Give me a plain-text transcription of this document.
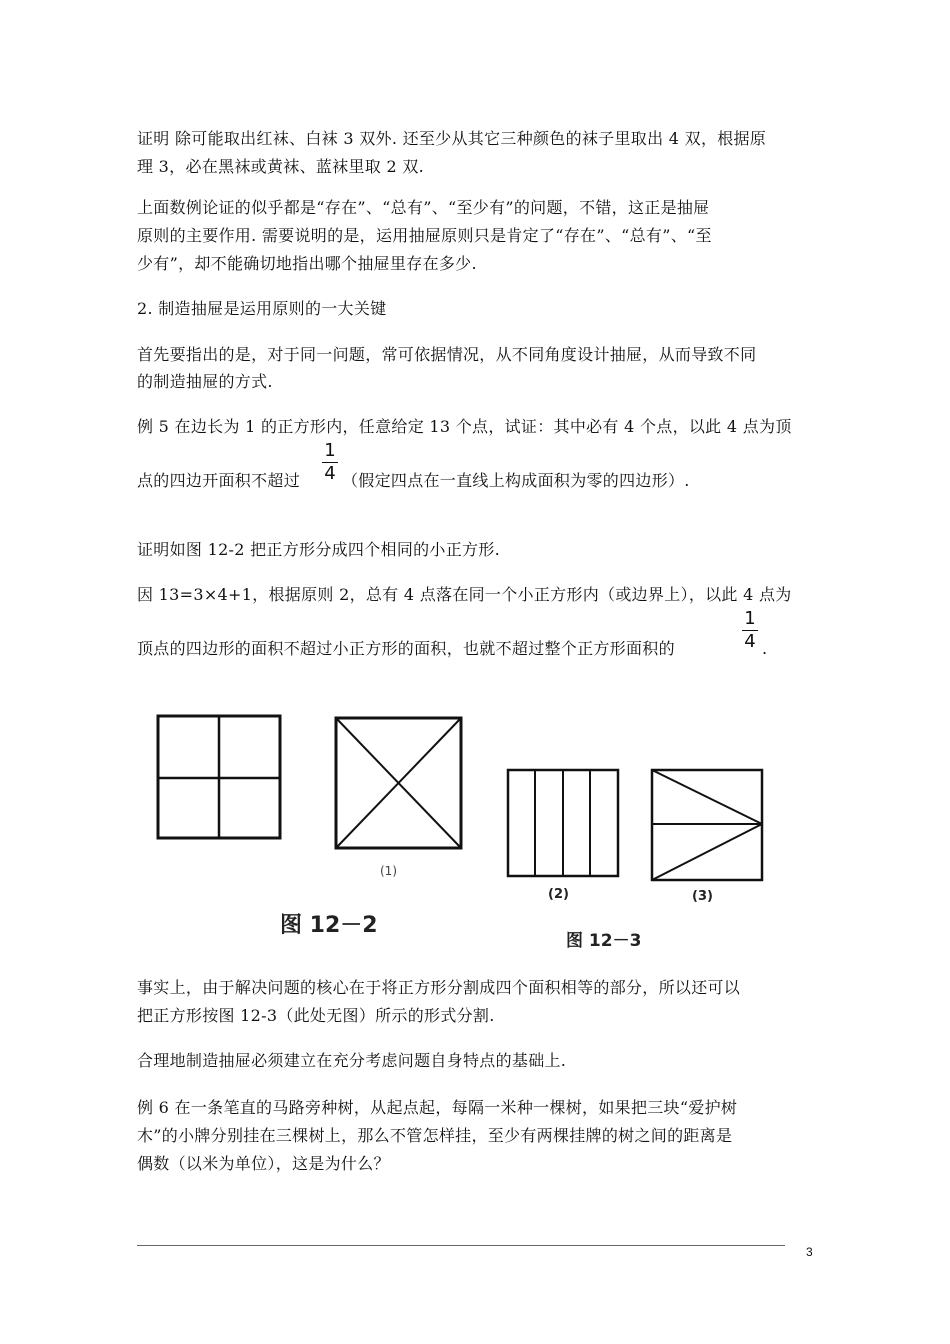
证明 除可能取出红袜、白袜 3 双外. 还至少从其它三种颜色的袜子里取出 4 双，根据原
理 3，必在黑袜或黄袜、蓝袜里取 2 双.
上面数例论证的似乎都是“存在”、“总有”、“至少有”的问题，不错，这正是抽屉
原则的主要作用. 需要说明的是，运用抽屉原则只是肯定了“存在”、“总有”、“至
少有”，却不能确切地指出哪个抽屉里存在多少.
2. 制造抽屉是运用原则的一大关键
首先要指出的是，对于同一问题，常可依据情况，从不同角度设计抽屉，从而导致不同
的制造抽屉的方式.
例 5 在边长为 1 的正方形内，任意给定 13 个点，试证：其中必有 4 个点，以此 4 点为顶
点的四边开面积不超过
1
4 （假定四点在一直线上构成面积为零的四边形）.
证明如图 12-2 把正方形分成四个相同的小正方形.
因 13=3×4+1，根据原则 2，总有 4 点落在同一个小正方形内（或边界上），以此 4 点为
顶点的四边形的面积不超过小正方形的面积，也就不超过整个正方形面积的
1
4 .
(1)
(2)	(3)
图 12－2
图 12－3
事实上，由于解决问题的核心在于将正方形分割成四个面积相等的部分，所以还可以
把正方形按图 12-3（此处无图）所示的形式分割.
合理地制造抽屉必须建立在充分考虑问题自身特点的基础上.
例 6 在一条笔直的马路旁种树，从起点起，每隔一米种一棵树，如果把三块“爱护树
木”的小牌分别挂在三棵树上，那么不管怎样挂，至少有两棵挂牌的树之间的距离是
偶数（以米为单位），这是为什么？
3
